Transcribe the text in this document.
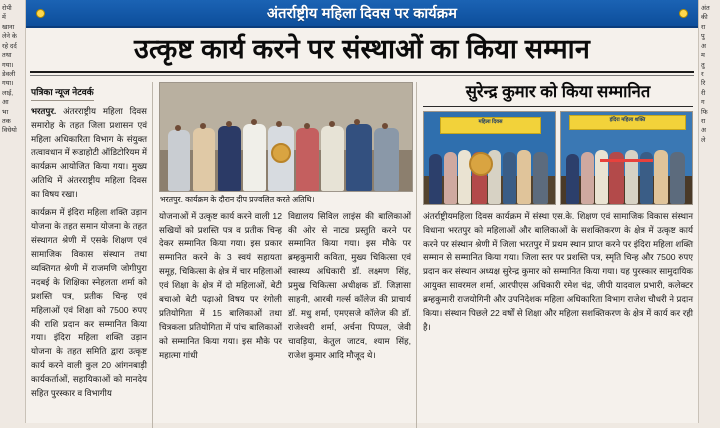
रोपी
में
खाना
लेने के
रहे दर्द
तथा
गया।
डेवली
गया।
लाई,
आ
भा
तक
विधेयो
अंत
की
रा
पु
अ
म
तु
र
रि
री
ग
फि
रा
अ
ले
अंतर्राष्ट्रीय महिला दिवस पर कार्यक्रम
उत्कृष्ट कार्य करने पर संस्थाओं का किया सम्मान
पत्रिका न्यूज नेटवर्क
भरतपुर. अंतरराष्ट्रीय महिला दिवस समारोह के तहत जिला प्रशासन एवं महिला अधिकारिता विभाग के संयुक्त तत्वावधान में रूडाहोटी ऑडिटोरियम में कार्यक्रम आयोजित किया गया। मुख्य अतिथि में अंतरराष्ट्रीय महिला दिवस का विषय रखा।
कार्यक्रम में इंदिरा महिला शक्ति उड़ान योजना के तहत समान योजना के तहत संस्थागत श्रेणी में एसके शिक्षण एवं सामाजिक विकास संस्थान तथा व्यक्तिगत श्रेणी में राजमणि जोगीपुरा नदबई के शिक्षिका स्नेहलता शर्मा को प्रशस्ति पत्र, प्रतीक चिन्ह एवं महिलाओं एवं शिक्षा को 7500 रुपए की राशि प्रदान कर सम्मानित किया गया। इंदिरा महिला शक्ति उड़ान योजना के तहत समिति द्वारा उत्कृष्ट कार्य करने वाली कुल 20 आंगनबाड़ी कार्यकर्ताओं, सहायिकाओं को मानदेय सहित पुरस्कार व विभागीय
भरतपुर. कार्यक्रम के दौरान दीप प्रज्वलित करते अतिथि।
योजनाओं में उत्कृष्ट कार्य करने वाली 12 सखियों को प्रशस्ति पत्र व प्रतीक चिन्ह देकर सम्मानित किया गया। इस प्रकार सम्मानित करने के 3 स्वयं सहायता समूह, चिकित्सा के क्षेत्र में चार महिलाओं एवं शिक्षा के क्षेत्र में दो महिलाओं, बेटी बचाओ बेटी पढ़ाओ विषय पर रंगोली प्रतियोगिता में 15 बालिकाओं तथा चित्रकला प्रतियोगिता में पांच बालिकाओं को सम्मानित किया गया। इस मौके पर महात्मा गांधी
विद्यालय सिविल लाइंस की बालिकाओं की ओर से नाट्य प्रस्तुति करने पर सम्मानित किया गया। इस मौके पर ब्रम्हकुमारी कविता, मुख्य चिकित्सा एवं स्वास्थ्य अधिकारी डॉ. लक्ष्मण सिंह, प्रमुख चिकित्सा अधीक्षक डॉ. जिज्ञासा साहनी, आरबी गर्ल्स कॉलेज की प्राचार्य डॉ. मधु शर्मा, एमएसजे कॉलेज की डॉ. राजेश्वरी शर्मा, अर्चना पिप्पल, जेवी चावड़िया, केतुल जाटव, श्याम सिंह, राजेश कुमार आदि मौजूद थे।
सुरेन्द्र कुमार को किया सम्मानित
महिला दिवस	इंदिरा महिला शक्ति
अंतर्राष्ट्रीयमहिला दिवस कार्यक्रम में संस्था एस.के. शिक्षण एवं सामाजिक विकास संस्थान विधाना भरतपुर को महिलाओं और बालिकाओं के सशक्तिकरण के क्षेत्र में उत्कृष्ट कार्य करने पर संस्थान श्रेणी में जिला भरतपुर में प्रथम स्थान प्राप्त करने पर इंदिरा महिला शक्ति सम्मान से सम्मानित किया गया। जिला स्तर पर प्रशस्ति पत्र, स्मृति चिन्ह और 7500 रुपए प्रदान कर संस्थान अध्यक्ष सुरेन्द्र कुमार को सम्मानित किया गया। यह पुरस्कार सामुदायिक आयुक्त सावरमल शर्मा, आरपीएस अधिकारी रमेश चंद्र, जीपी यादवाल प्रभारी, कलेक्टर ब्रम्हकुमारी राजयोगिनी और उपनिदेशक महिला अधिकारिता विभाग राजेश चौधरी ने प्रदान किया। संस्थान पिछले 22 वर्षों से शिक्षा और महिला सशक्तिकरण के क्षेत्र में कार्य कर रही है।
